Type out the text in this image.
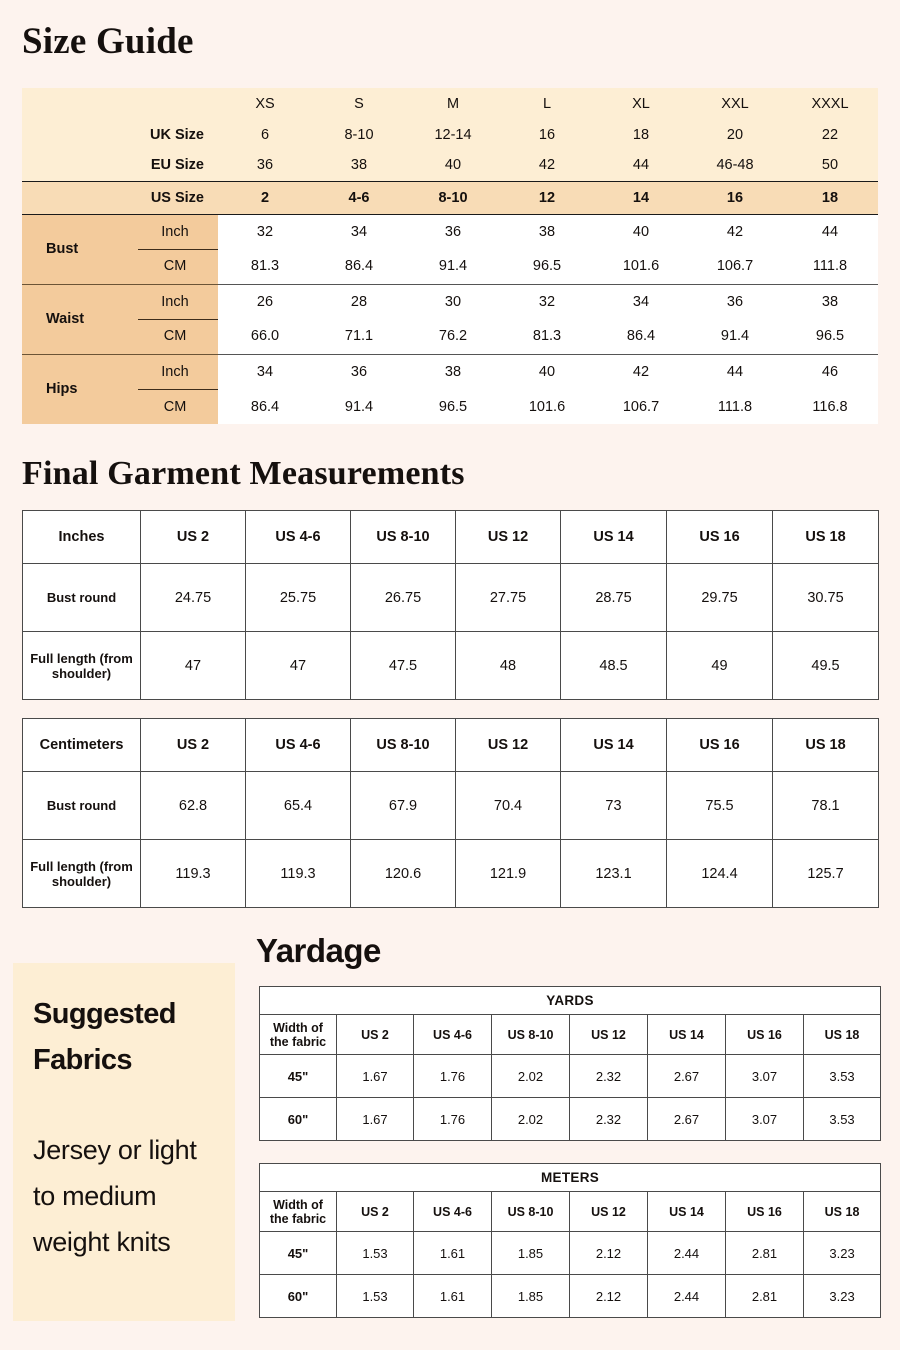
Size Guide
		XS	S	M	L	XL	XXL	XXXL
UK Size		6	8-10	12-14	16	18	20	22
EU Size		36	38	40	42	44	46-48	50
US Size		2	4-6	8-10	12	14	16	18
Bust	Inch	32	34	36	38	40	42	44
	CM	81.3	86.4	91.4	96.5	101.6	106.7	111.8
Waist	Inch	26	28	30	32	34	36	38
	CM	66.0	71.1	76.2	81.3	86.4	91.4	96.5
Hips	Inch	34	36	38	40	42	44	46
	CM	86.4	91.4	96.5	101.6	106.7	111.8	116.8
Final Garment Measurements
Inches	US 2	US 4-6	US 8-10	US 12	US 14	US 16	US 18
Bust round	24.75	25.75	26.75	27.75	28.75	29.75	30.75
Full length (from shoulder)	47	47	47.5	48	48.5	49	49.5
Centimeters	US 2	US 4-6	US 8-10	US 12	US 14	US 16	US 18
Bust round	62.8	65.4	67.9	70.4	73	75.5	78.1
Full length (from shoulder)	119.3	119.3	120.6	121.9	123.1	124.4	125.7
Suggested
Fabrics
Jersey or light to medium weight knits
Yardage
YARDS							

Width of
the fabric	US 2	US 4-6	US 8-10	US 12	US 14	US 16	US 18
45"	1.67	1.76	2.02	2.32	2.67	3.07	3.53
60"	1.67	1.76	2.02	2.32	2.67	3.07	3.53
METERS							

Width of
the fabric	US 2	US 4-6	US 8-10	US 12	US 14	US 16	US 18
45"	1.53	1.61	1.85	2.12	2.44	2.81	3.23
60"	1.53	1.61	1.85	2.12	2.44	2.81	3.23
